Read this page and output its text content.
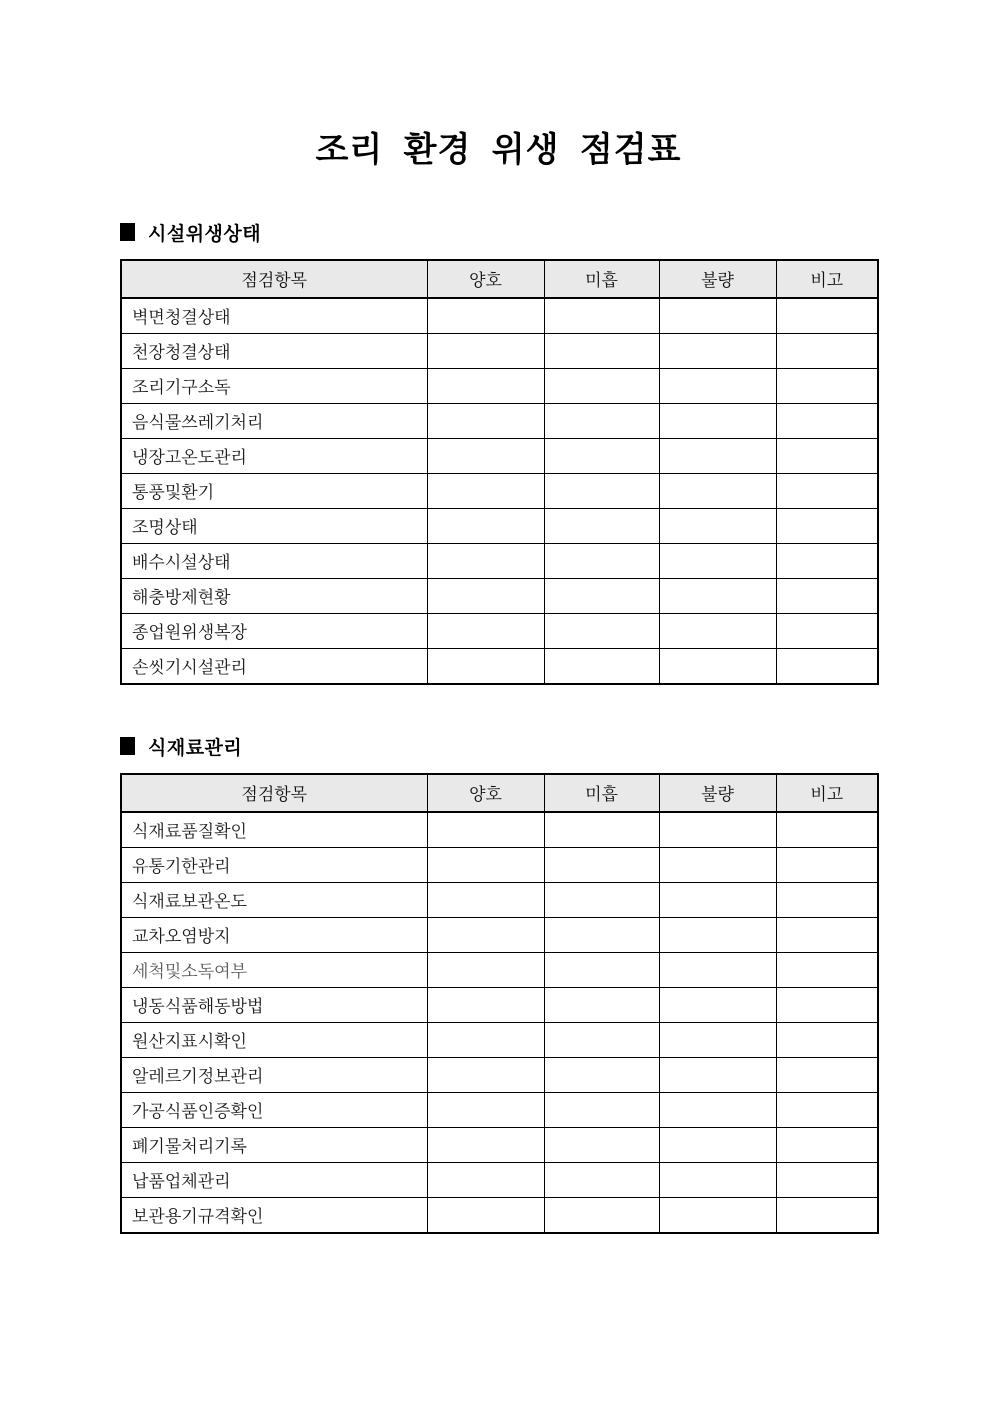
조리 환경 위생 점검표
시설위생상태
점검항목	양호	미흡	불량	비고
벽면청결상태				
천장청결상태				
조리기구소독				
음식물쓰레기처리				
냉장고온도관리				
통풍및환기				
조명상태				
배수시설상태				
해충방제현황				
종업원위생복장				
손씻기시설관리				
식재료관리
점검항목	양호	미흡	불량	비고
식재료품질확인				
유통기한관리				
식재료보관온도				
교차오염방지				
세척및소독여부				
냉동식품해동방법				
원산지표시확인				
알레르기정보관리				
가공식품인증확인				
폐기물처리기록				
납품업체관리				
보관용기규격확인				
